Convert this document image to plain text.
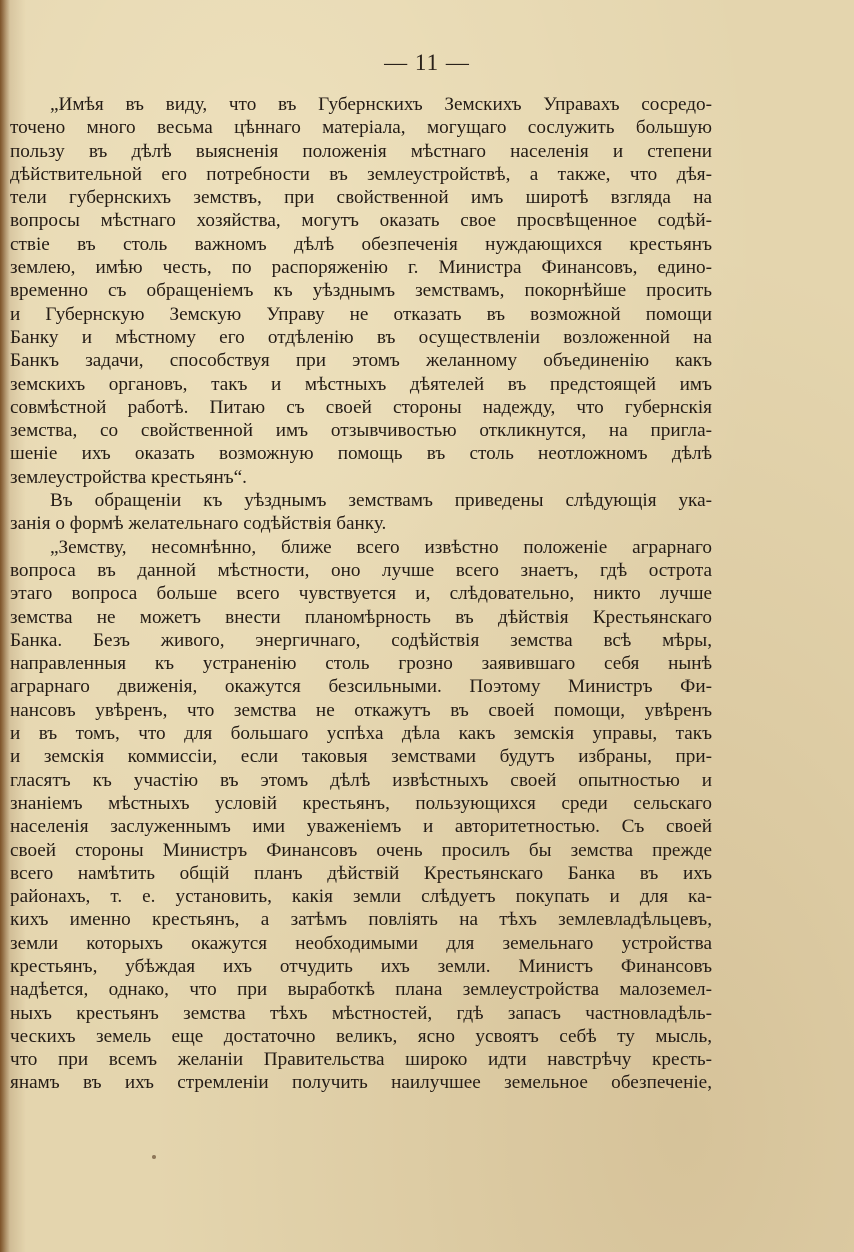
— 11 —
„Имѣя въ виду, что въ Губернскихъ Земскихъ Управахъ сосредо-
точено много весьма цѣннаго матеріала, могущаго сослужить большую
пользу въ дѣлѣ выясненія положенія мѣстнаго населенія и степени
дѣйствительной его потребности въ землеустройствѣ, а также, что дѣя-
тели губернскихъ земствъ, при свойственной имъ широтѣ взгляда на
вопросы мѣстнаго хозяйства, могутъ оказать свое просвѣщенное содѣй-
ствіе въ столь важномъ дѣлѣ обезпеченія нуждающихся крестьянъ
землею, имѣю честь, по распоряженію г. Министра Финансовъ, едино-
временно съ обращеніемъ къ уѣзднымъ земствамъ, покорнѣйше просить
и Губернскую Земскую Управу не отказать въ возможной помощи
Банку и мѣстному его отдѣленію въ осуществленіи возложенной на
Банкъ задачи, способствуя при этомъ желанному объединенію какъ
земскихъ органовъ, такъ и мѣстныхъ дѣятелей въ предстоящей имъ
совмѣстной работѣ. Питаю съ своей стороны надежду, что губернскія
земства, со свойственной имъ отзывчивостью откликнутся, на пригла-
шеніе ихъ оказать возможную помощь въ столь неотложномъ дѣлѣ
землеустройства крестьянъ“.
Въ обращеніи къ уѣзднымъ земствамъ приведены слѣдующія ука-
занія о формѣ желательнаго содѣйствія банку.
„Земству, несомнѣнно, ближе всего извѣстно положеніе аграрнаго
вопроса въ данной мѣстности, оно лучше всего знаетъ, гдѣ острота
этаго вопроса больше всего чувствуется и, слѣдовательно, никто лучше
земства не можетъ внести планомѣрность въ дѣйствія Крестьянскаго
Банка. Безъ живого, энергичнаго, содѣйствія земства всѣ мѣры,
направленныя къ устраненію столь грозно заявившаго себя нынѣ
аграрнаго движенія, окажутся безсильными. Поэтому Министръ Фи-
нансовъ увѣренъ, что земства не откажутъ въ своей помощи, увѣренъ
и въ томъ, что для большаго успѣха дѣла какъ земскія управы, такъ
и земскія коммиссіи, если таковыя земствами будутъ избраны, при-
гласятъ къ участію въ этомъ дѣлѣ извѣстныхъ своей опытностью и
знаніемъ мѣстныхъ условій крестьянъ, пользующихся среди сельскаго
населенія заслуженнымъ ими уваженіемъ и авторитетностью. Съ своей
своей стороны Министръ Финансовъ очень просилъ бы земства прежде
всего намѣтить общій планъ дѣйствій Крестьянскаго Банка въ ихъ
районахъ, т. е. установить, какія земли слѣдуетъ покупать и для ка-
кихъ именно крестьянъ, а затѣмъ повліять на тѣхъ землевладѣльцевъ,
земли которыхъ окажутся необходимыми для земельнаго устройства
крестьянъ, убѣждая ихъ отчудить ихъ земли. Министъ Финансовъ
надѣется, однако, что при выработкѣ плана землеустройства малоземел-
ныхъ крестьянъ земства тѣхъ мѣстностей, гдѣ запасъ частновладѣль-
ческихъ земель еще достаточно великъ, ясно усвоятъ себѣ ту мысль,
что при всемъ желаніи Правительства широко идти навстрѣчу кресть-
янамъ въ ихъ стремленіи получить наилучшее земельное обезпеченіе,
